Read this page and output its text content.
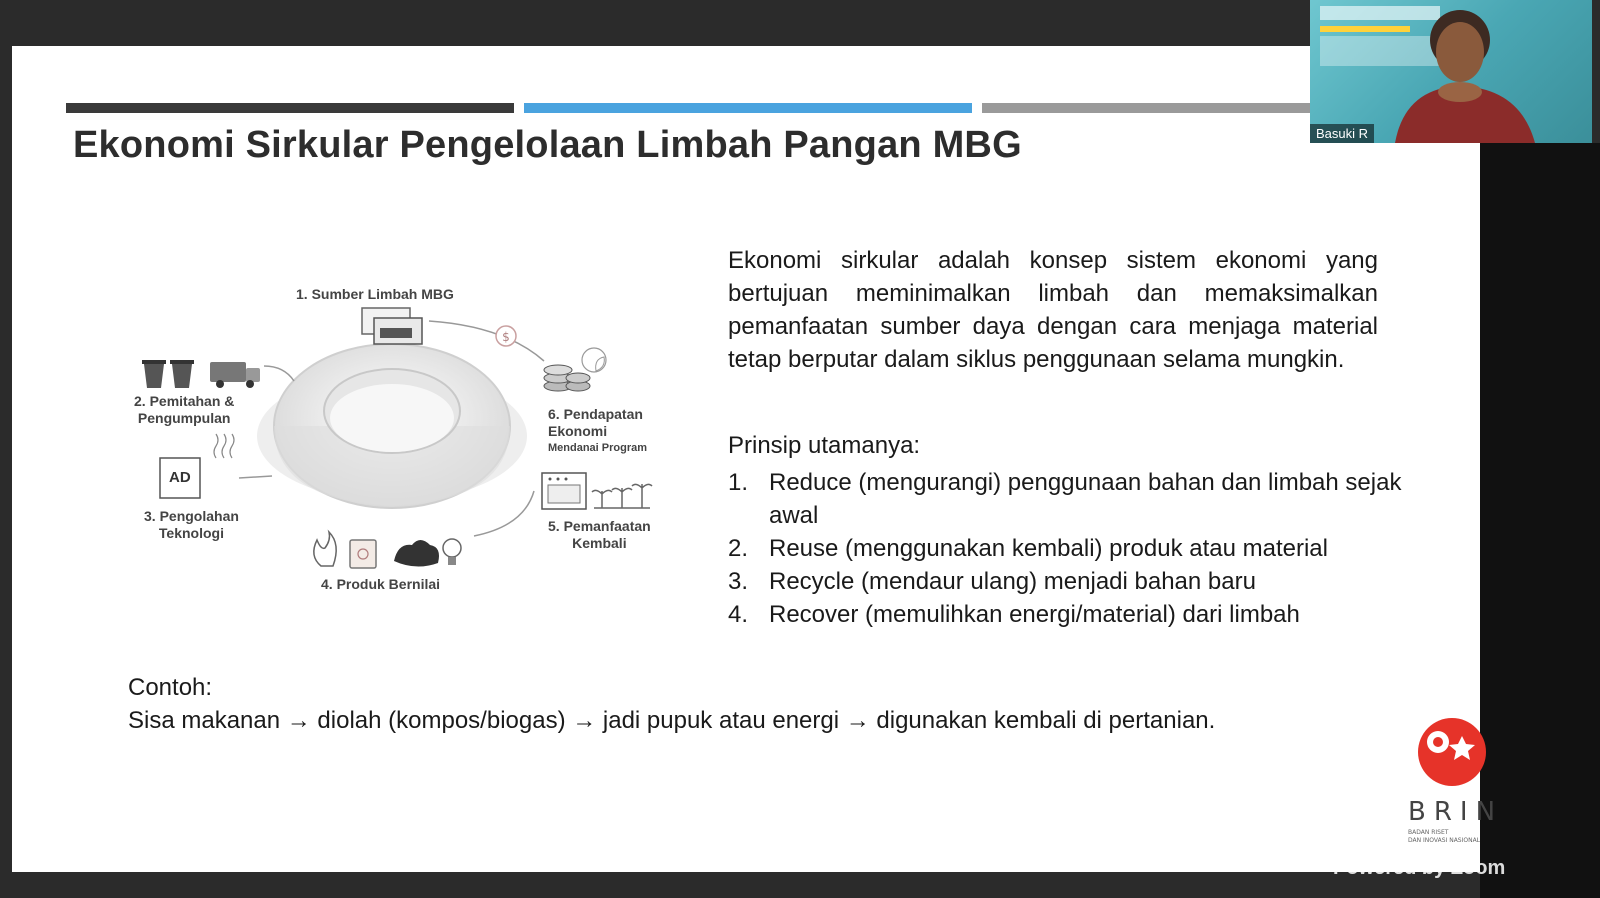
Ekonomi Sirkular Pengelolaan Limbah Pangan MBG
$
1. Sumber Limbah MBG
2. Pemitahan &
Pengumpulan
AD
3. Pengolahan
Teknologi
4. Produk Bernilai
5. Pemanfaatan
Kembali
6. Pendapatan
Ekonomi
Mendanai Program
Ekonomi sirkular adalah konsep sistem ekonomi yang bertujuan meminimalkan limbah dan memaksimalkan pemanfaatan sumber daya dengan cara menjaga material tetap berputar dalam siklus penggunaan selama mungkin.
Prinsip utamanya:
1. Reduce (mengurangi) penggunaan bahan dan limbah sejak awal
2. Reuse (menggunakan kembali) produk atau material
3. Recycle (mendaur ulang) menjadi bahan baru
4. Recover (memulihkan energi/material) dari limbah
Contoh:
Sisa makanan → diolah (kompos/biogas) → jadi pupuk atau energi → digunakan kembali di pertanian.
Basuki R
BRIN
BADAN RISET
DAN INOVASI NASIONAL
Powered by Zoom
